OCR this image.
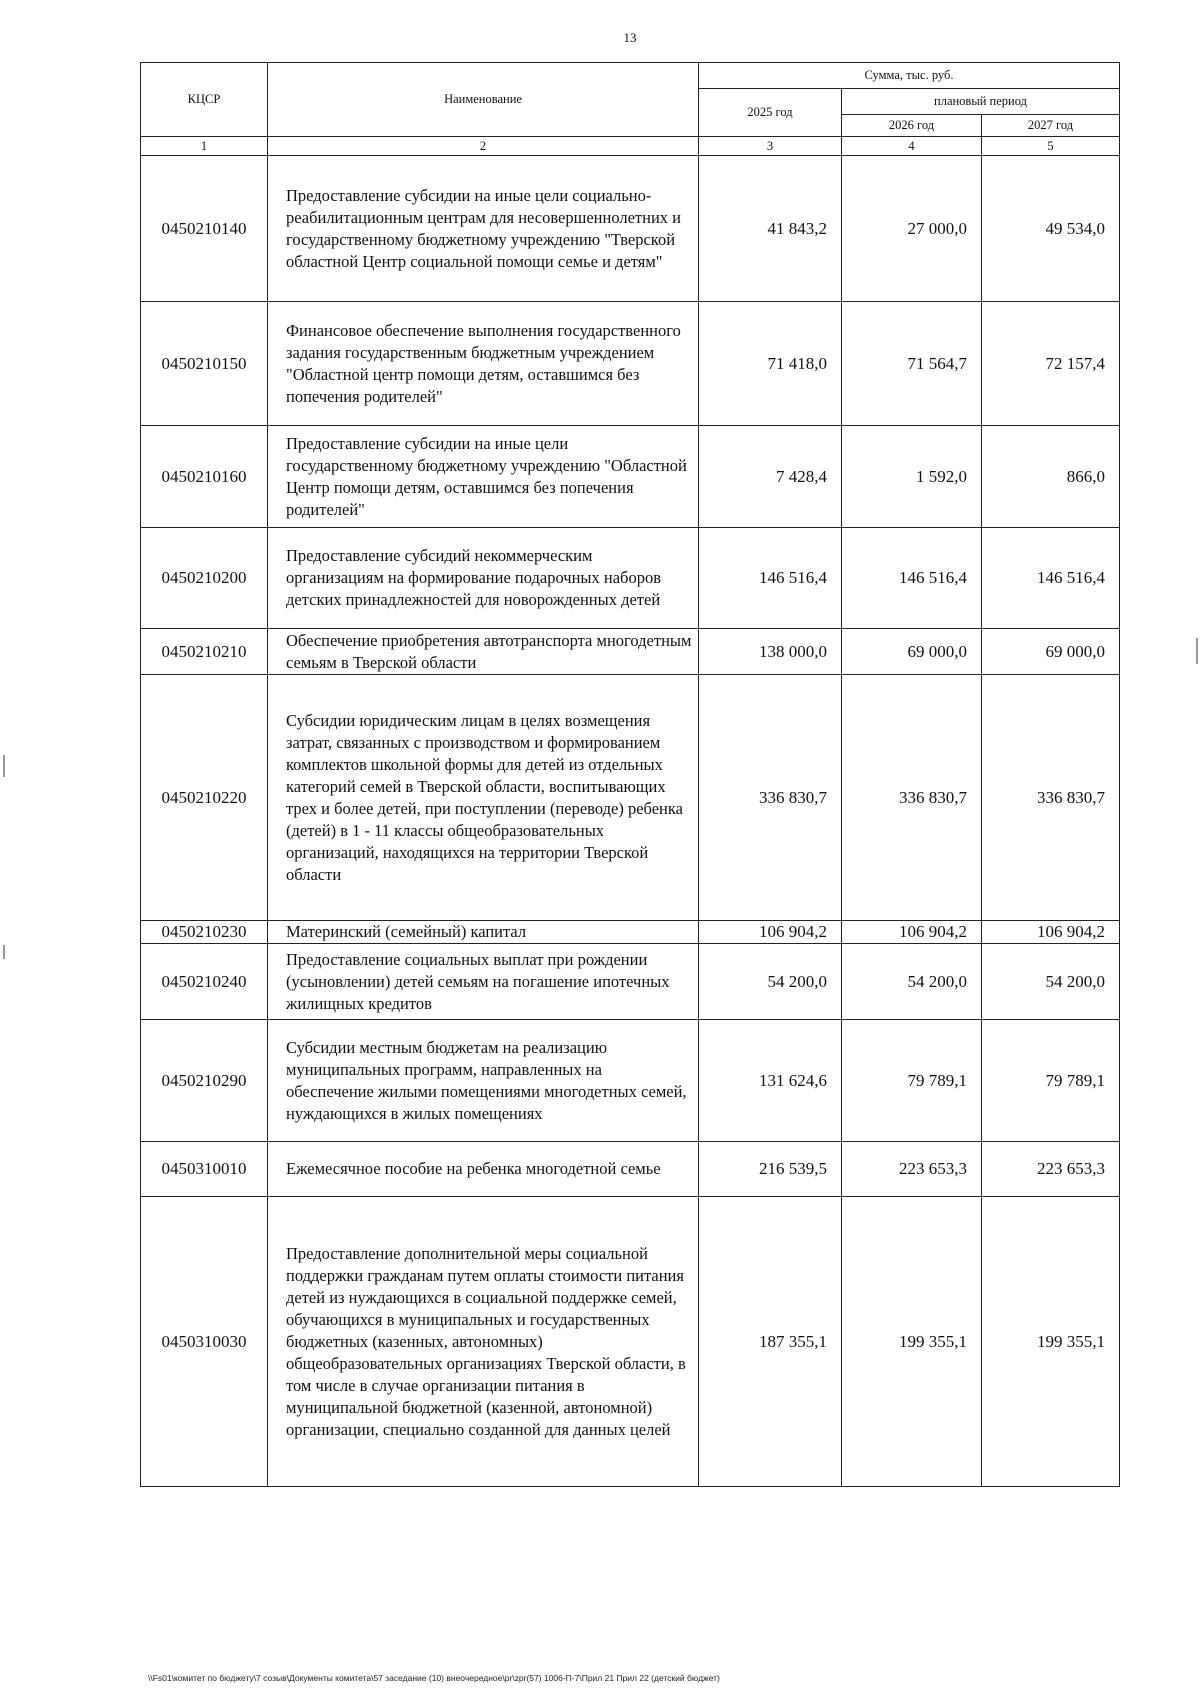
13
КЦСР	Наименование	Сумма, тыс. руб.		
		2025 год	плановый период	
			2026 год	2027 год
1	2	3	4	5
0450210140	Предоставление субсидии на иные цели социально-реабилитационным центрам для несовершеннолетних и государственному бюджетному учреждению "Тверской областной Центр социальной помощи семье и детям"	41 843,2	27 000,0	49 534,0
0450210150	Финансовое обеспечение выполнения государственного задания государственным бюджетным учреждением "Областной центр помощи детям, оставшимся без попечения родителей"	71 418,0	71 564,7	72 157,4
0450210160	Предоставление субсидии на иные цели государственному бюджетному учреждению "Областной Центр помощи детям, оставшимся без попечения родителей"	7 428,4	1 592,0	866,0
0450210200	Предоставление субсидий некоммерческим организациям на формирование подарочных наборов детских принадлежностей для новорожденных детей	146 516,4	146 516,4	146 516,4
0450210210	Обеспечение приобретения автотранспорта многодетным семьям в Тверской области	138 000,0	69 000,0	69 000,0
0450210220	Субсидии юридическим лицам в целях возмещения затрат, связанных с производством и формированием комплектов школьной формы для детей из отдельных категорий семей в Тверской области, воспитывающих трех и более детей, при поступлении (переводе) ребенка (детей) в 1 - 11 классы общеобразовательных организаций, находящихся на территории Тверской области	336 830,7	336 830,7	336 830,7
0450210230	Материнский (семейный) капитал	106 904,2	106 904,2	106 904,2
0450210240	Предоставление социальных выплат при рождении (усыновлении) детей семьям на погашение ипотечных жилищных кредитов	54 200,0	54 200,0	54 200,0
0450210290	Субсидии местным бюджетам на реализацию муниципальных программ, направленных на обеспечение жилыми помещениями многодетных семей, нуждающихся в жилых помещениях	131 624,6	79 789,1	79 789,1
0450310010	Ежемесячное пособие на ребенка многодетной семье	216 539,5	223 653,3	223 653,3
0450310030	Предоставление дополнительной меры социальной поддержки гражданам путем оплаты стоимости питания детей из нуждающихся в социальной поддержке семей, обучающихся в муниципальных и государственных бюджетных (казенных, автономных) общеобразовательных организациях Тверской области, в том числе в случае организации питания в муниципальной бюджетной (казенной, автономной) организации, специально созданной для данных целей	187 355,1	199 355,1	199 355,1
\\Fs01\комитет по бюджету\7 созыв\Документы комитета\57 заседание (10) внеочередное\pr\zpr(57) 1006-П-7\Прил 21 Прил 22 (детский бюджет)
